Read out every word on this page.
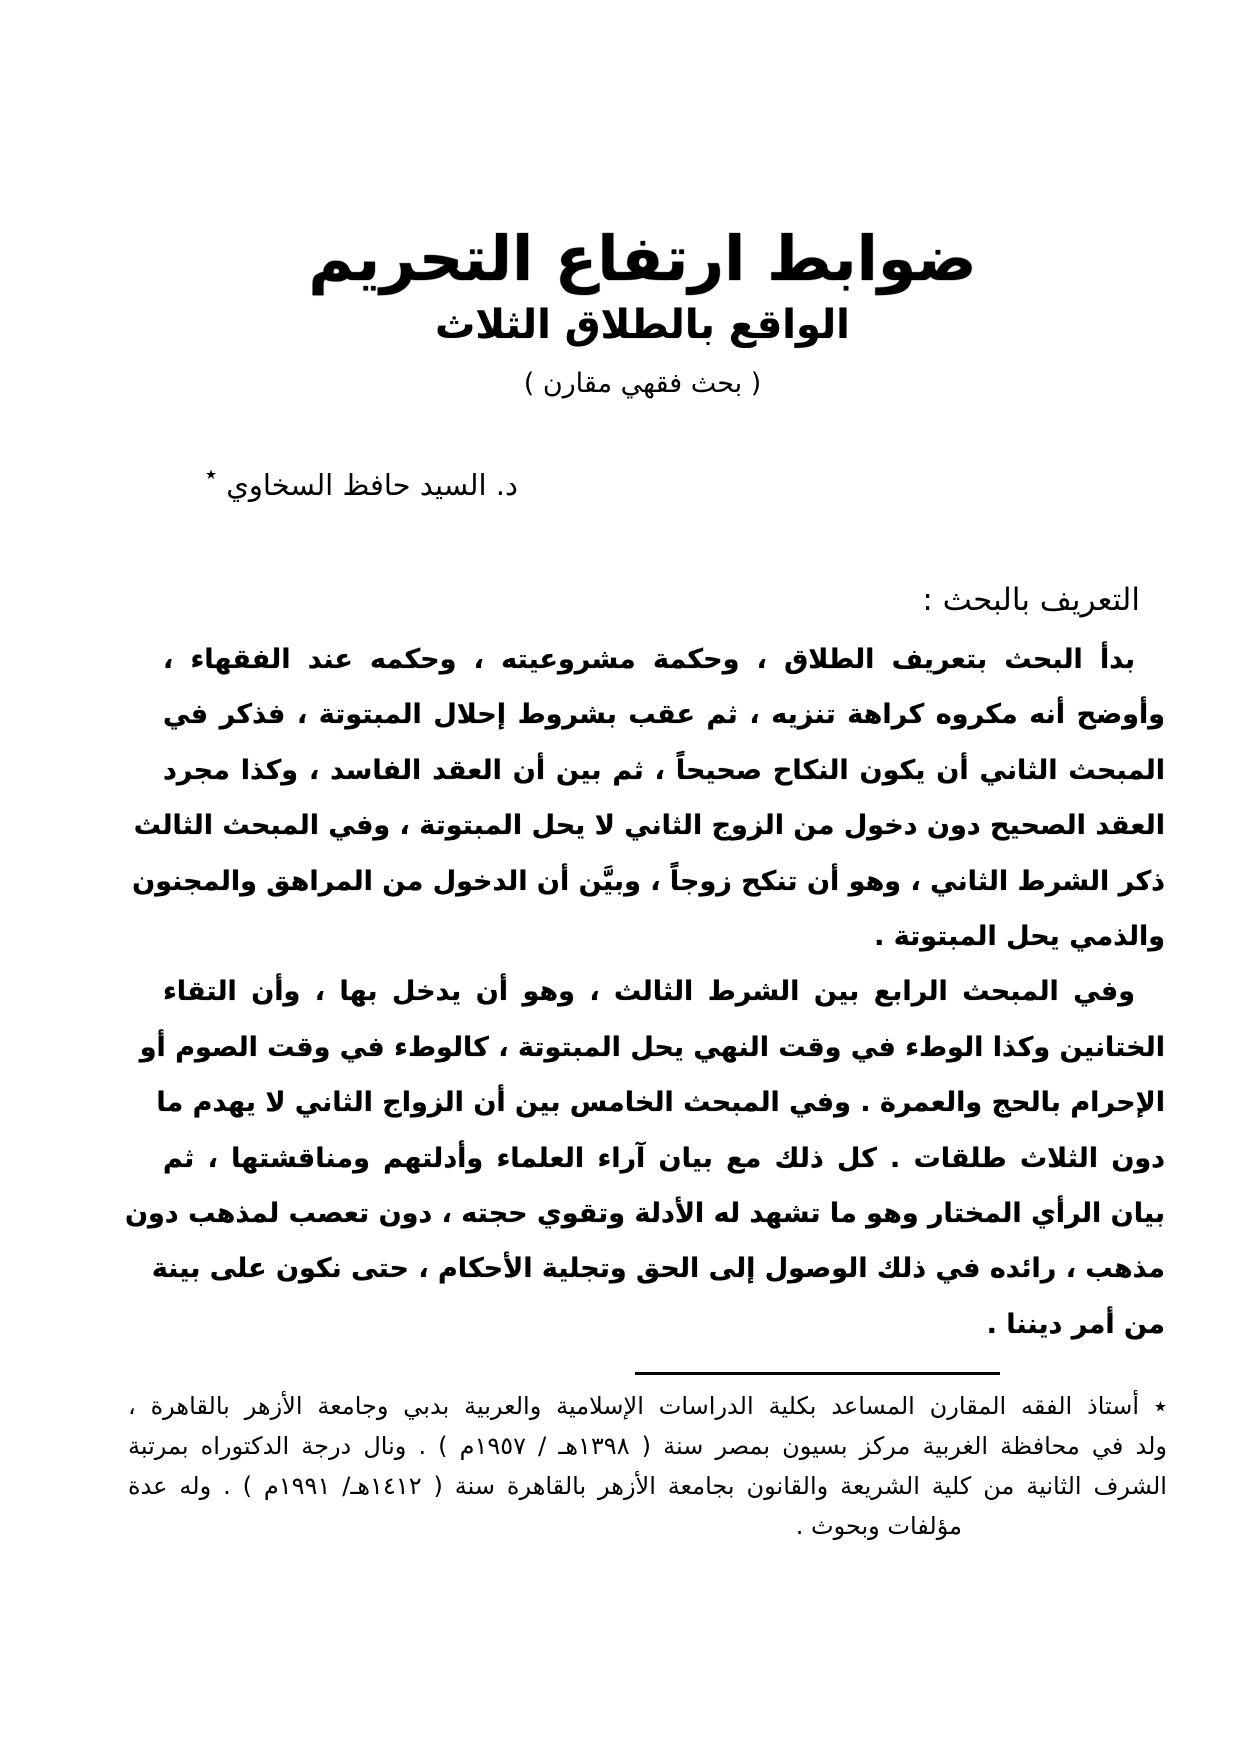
ضوابط ارتفاع التحريم
الواقع بالطلاق الثلاث
( بحث فقهي مقارن )
د. السيد حافظ السخاوي ٭
التعريف بالبحث :
بدأ البحث بتعريف الطلاق ، وحكمة مشروعيته ، وحكمه عند الفقهاء ،
وأوضح أنه مكروه كراهة تنزيه ، ثم عقب بشروط إحلال المبتوتة ، فذكر في
المبحث الثاني أن يكون النكاح صحيحاً ، ثم بين أن العقد الفاسد ، وكذا مجرد
العقد الصحيح دون دخول من الزوج الثاني لا يحل المبتوتة ، وفي المبحث الثالث
ذكر الشرط الثاني ، وهو أن تنكح زوجاً ، وبيَّن أن الدخول من المراهق والمجنون
والذمي يحل المبتوتة .
وفي المبحث الرابع بين الشرط الثالث ، وهو أن يدخل بها ، وأن التقاء
الختانين وكذا الوطء في وقت النهي يحل المبتوتة ، كالوطء في وقت الصوم أو
الإحرام بالحج والعمرة . وفي المبحث الخامس بين أن الزواج الثاني لا يهدم ما
دون الثلاث طلقات . كل ذلك مع بيان آراء العلماء وأدلتهم ومناقشتها ، ثم
بيان الرأي المختار وهو ما تشهد له الأدلة وتقوي حجته ، دون تعصب لمذهب دون
مذهب ، رائده في ذلك الوصول إلى الحق وتجلية الأحكام ، حتى نكون على بينة
من أمر ديننا .
٭ أستاذ الفقه المقارن المساعد بكلية الدراسات الإسلامية والعربية بدبي وجامعة الأزهر بالقاهرة ،
ولد في محافظة الغربية مركز بسيون بمصر سنة ( ١٣٩٨هـ / ١٩٥٧م ) . ونال درجة الدكتوراه بمرتبة
الشرف الثانية من كلية الشريعة والقانون بجامعة الأزهر بالقاهرة سنة ( ١٤١٢هـ/ ١٩٩١م ) . وله عدة
مؤلفات وبحوث .
